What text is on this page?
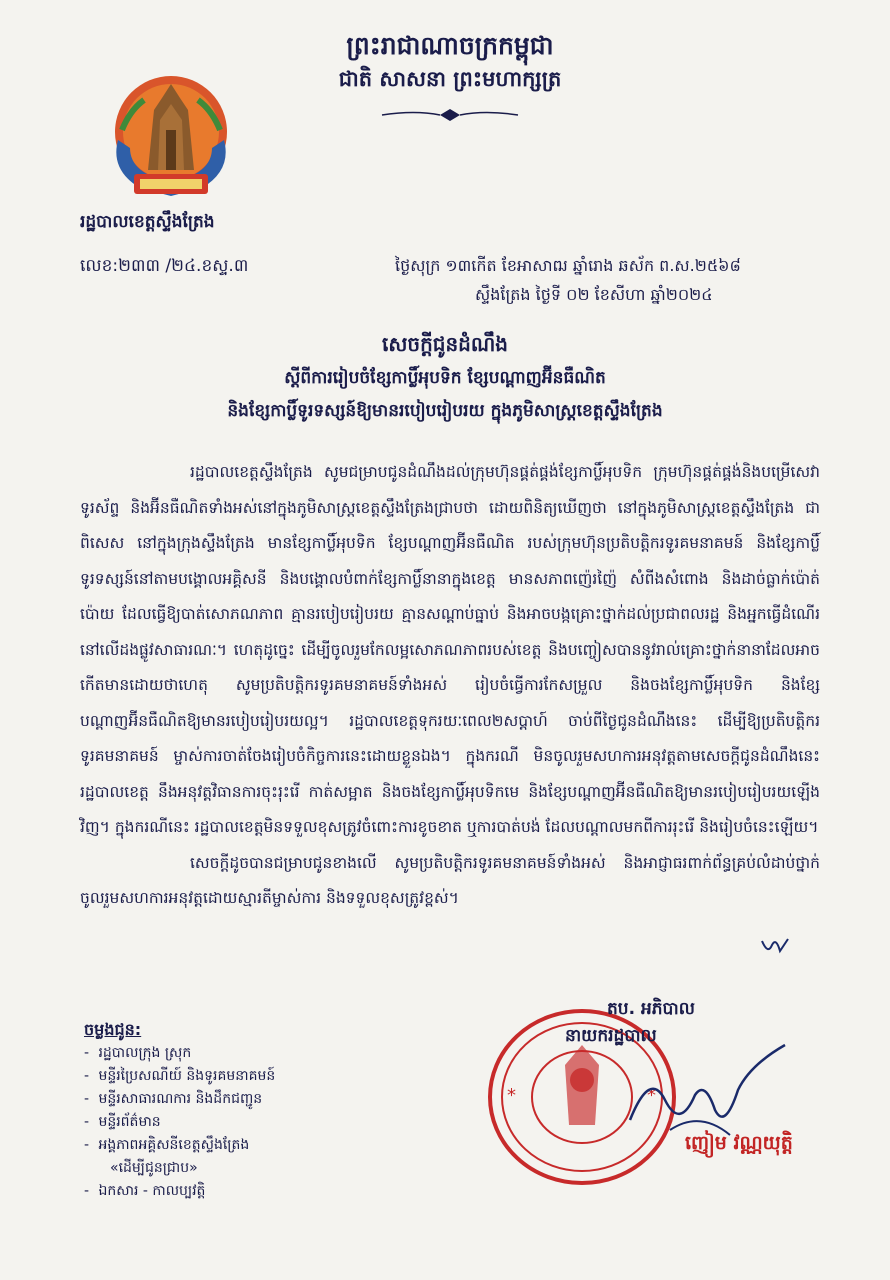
ព្រះរាជាណាចក្រកម្ពុជា
ជាតិ សាសនា ព្រះមហាក្សត្រ
រដ្ឋបាលខេត្តស្ទឹងត្រែង
លេខ:២៣៣ /២៤.ខស្ទ.៣	ថ្ងៃសុក្រ ១៣កើត ខែអាសាឍ ឆ្នាំរោង ឆស័ក ព.ស.២៥៦៨
ស្ទឹងត្រែង ថ្ងៃទី ០២ ខែសីហា ឆ្នាំ២០២៤
សេចក្តីជូនដំណឹង
ស្តីពីការរៀបចំខ្សែកាប្លិ៍អុបទិក ខ្សែបណ្តាញអ៊ីនធឺណិត
និងខ្សែកាប្លិ៍ទូរទស្សន៍ឱ្យមានរបៀបរៀបរយ ក្នុងភូមិសាស្ត្រខេត្តស្ទឹងត្រែង

រដ្ឋបាលខេត្តស្ទឹងត្រែង សូមជម្រាបជូនដំណឹងដល់ក្រុមហ៊ុនផ្គត់ផ្គង់ខ្សែកាប្លិ៍អុបទិក ក្រុមហ៊ុនផ្គត់ផ្គង់និងបម្រើសេវាទូរស័ព្ទ និងអ៊ីនធឺណិតទាំងអស់នៅក្នុងភូមិសាស្ត្រខេត្តស្ទឹងត្រែងជ្រាបថា ដោយពិនិត្យឃើញថា នៅក្នុងភូមិសាស្ត្រខេត្តស្ទឹងត្រែង ជាពិសេស នៅក្នុងក្រុងស្ទឹងត្រែង មានខ្សែកាប្លិ៍អុបទិក ខ្សែបណ្តាញអ៊ីនធឺណិត របស់ក្រុមហ៊ុនប្រតិបត្តិករទូរគមនាគមន៍ និងខ្សែកាប្លិ៍ទូរទស្សន៍នៅតាមបង្គោលអគ្គិសនី និងបង្គោលបំពាក់ខ្សែកាប្លិ៍នានាក្នុងខេត្ត មានសភាពញ៉េរញ៉ៃ សំពីងសំពោង និងដាច់ធ្លាក់ប៉ោត់ប៉ោយ ដែលធ្វើឱ្យបាត់សោភណភាព គ្មានរបៀបរៀបរយ គ្មានសណ្តាប់ធ្នាប់ និងអាចបង្កគ្រោះថ្នាក់ដល់ប្រជាពលរដ្ឋ និងអ្នកធ្វើដំណើរនៅលើដងផ្លូវសាធារណៈ។ ហេតុដូច្នេះ ដើម្បីចូលរួមកែលម្អសោភណភាពរបស់ខេត្ត និងបញ្ចៀសបាននូវរាល់គ្រោះថ្នាក់នានាដែលអាចកើតមានដោយថាហេតុ សូមប្រតិបត្តិករទូរគមនាគមន៍ទាំងអស់ រៀបចំធ្វើការកែសម្រួល និងចងខ្សែកាប្លិ៍អុបទិក និងខ្សែបណ្តាញអ៊ីនធឺណិតឱ្យមានរបៀបរៀបរយល្អ។ រដ្ឋបាលខេត្តទុករយៈពេល២សប្តាហ៍ ចាប់ពីថ្ងៃជូនដំណឹងនេះ ដើម្បីឱ្យប្រតិបត្តិករទូរគមនាគមន៍ ម្ចាស់ការចាត់ចែងរៀបចំកិច្ចការនេះដោយខ្លួនឯង។ ក្នុងករណី មិនចូលរួមសហការអនុវត្តតាមសេចក្តីជូនដំណឹងនេះ រដ្ឋបាលខេត្ត នឹងអនុវត្តវិធានការចុះរុះរើ កាត់សម្អាត និងចងខ្សែកាប្លិ៍អុបទិកមេ និងខ្សែបណ្តាញអ៊ីនធឺណិតឱ្យមានរបៀបរៀបរយឡើងវិញ។ ក្នុងករណីនេះ រដ្ឋបាលខេត្តមិនទទួលខុសត្រូវចំពោះការខូចខាត ឬការបាត់បង់ ដែលបណ្តាលមកពីការរុះរើ និងរៀបចំនេះឡើយ។

សេចក្តីដូចបានជម្រាបជូនខាងលើ សូមប្រតិបត្តិករទូរគមនាគមន៍ទាំងអស់ និងអាជ្ញាធរពាក់ព័ន្ធគ្រប់លំដាប់ថ្នាក់ ចូលរួមសហការអនុវត្តដោយស្មារតីម្ចាស់ការ និងទទួលខុសត្រូវខ្ពស់។

*	*
តប. អភិបាល
នាយករដ្ឋបាល
ញៀម វណ្ណយុត្តិ
ចម្លងជូន:
- រដ្ឋបាលក្រុង ស្រុក
- មន្ទីរប្រៃសណីយ៍ និងទូរគមនាគមន៍
- មន្ទីរសាធារណការ និងដឹកជញ្ជូន
- មន្ទីរព័ត៌មាន
- អង្គភាពអគ្គិសនីខេត្តស្ទឹងត្រែង
«ដើម្បីជូនជ្រាប»
- ឯកសារ - កាលប្បវត្តិ
